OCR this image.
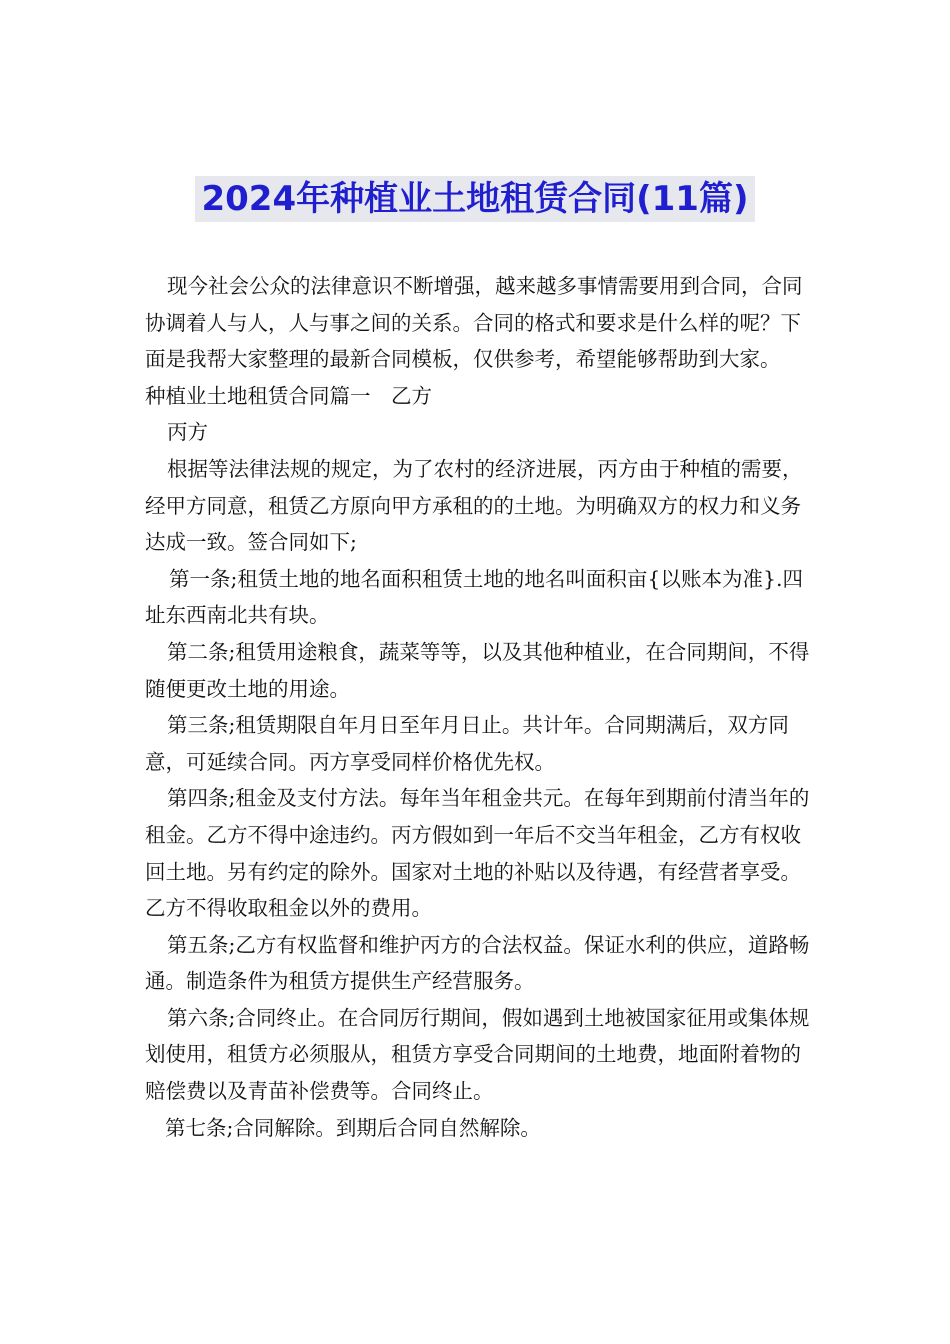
2024年种植业土地租赁合同(11篇)

现今社会公众的法律意识不断增强，越来越多事情需要用到合同，合同协调着人与人，人与事之间的关系。合同的格式和要求是什么样的呢？下面是我帮大家整理的最新合同模板，仅供参考，希望能够帮助到大家。

种植业土地租赁合同篇一　乙方

丙方

根据等法律法规的规定，为了农村的经济进展，丙方由于种植的需要，经甲方同意，租赁乙方原向甲方承租的的土地。为明确双方的权力和义务达成一致。签合同如下;

第一条;租赁土地的地名面积租赁土地的地名叫面积亩{以账本为准}.四址东西南北共有块。

第二条;租赁用途粮食，蔬菜等等，以及其他种植业，在合同期间，不得随便更改土地的用途。

第三条;租赁期限自年月日至年月日止。共计年。合同期满后，双方同意，可延续合同。丙方享受同样价格优先权。

第四条;租金及支付方法。每年当年租金共元。在每年到期前付清当年的租金。乙方不得中途违约。丙方假如到一年后不交当年租金，乙方有权收回土地。另有约定的除外。国家对土地的补贴以及待遇，有经营者享受。乙方不得收取租金以外的费用。

第五条;乙方有权监督和维护丙方的合法权益。保证水利的供应，道路畅通。制造条件为租赁方提供生产经营服务。

第六条;合同终止。在合同厉行期间，假如遇到土地被国家征用或集体规划使用，租赁方必须服从，租赁方享受合同期间的土地费，地面附着物的赔偿费以及青苗补偿费等。合同终止。

第七条;合同解除。到期后合同自然解除。
